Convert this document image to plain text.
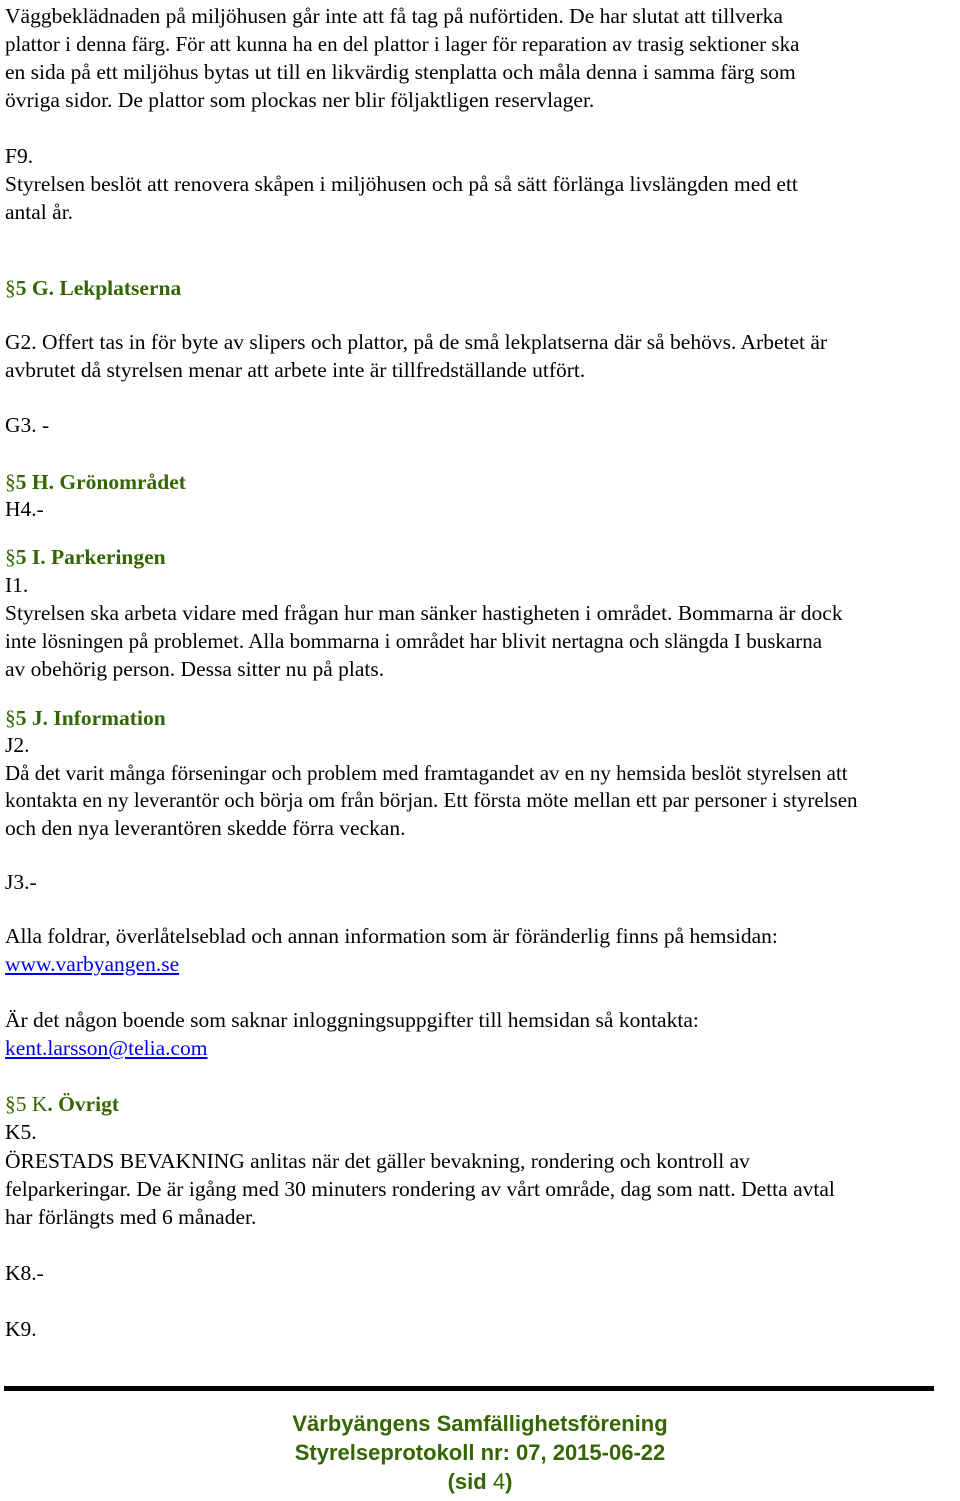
Väggbeklädnaden på miljöhusen går inte att få tag på nuförtiden. De har slutat att tillverka
plattor i denna färg. För att kunna ha en del plattor i lager för reparation av trasig sektioner ska
en sida på ett miljöhus bytas ut till en likvärdig stenplatta och måla denna i samma färg som
övriga sidor. De plattor som plockas ner blir följaktligen reservlager.
F9.
Styrelsen beslöt att renovera skåpen i miljöhusen och på så sätt förlänga livslängden med ett
antal år.
§5 G. Lekplatserna
G2. Offert tas in för byte av slipers och plattor, på de små lekplatserna där så behövs. Arbetet är
avbrutet då styrelsen menar att arbete inte är tillfredställande utfört.
G3. -
§5 H. Grönområdet
H4.-
§5 I. Parkeringen
I1.
Styrelsen ska arbeta vidare med frågan hur man sänker hastigheten i området. Bommarna är dock
inte lösningen på problemet. Alla bommarna i området har blivit nertagna och slängda I buskarna
av obehörig person. Dessa sitter nu på plats.
§5 J. Information
J2.
Då det varit många förseningar och problem med framtagandet av en ny hemsida beslöt styrelsen att
kontakta en ny leverantör och börja om från början. Ett första möte mellan ett par personer i styrelsen
och den nya leverantören skedde förra veckan.
J3.-
Alla foldrar, överlåtelseblad och annan information som är föränderlig finns på hemsidan:
www.varbyangen.se
Är det någon boende som saknar inloggningsuppgifter till hemsidan så kontakta:
kent.larsson@telia.com
§5 K. Övrigt
K5.
ÖRESTADS BEVAKNING anlitas när det gäller bevakning, rondering och kontroll av
felparkeringar. De är igång med 30 minuters rondering av vårt område, dag som natt. Detta avtal
har förlängts med 6 månader.
K8.-
K9.
Värbyängens Samfällighetsförening
Styrelseprotokoll nr: 07, 2015-06-22
(sid 4)
